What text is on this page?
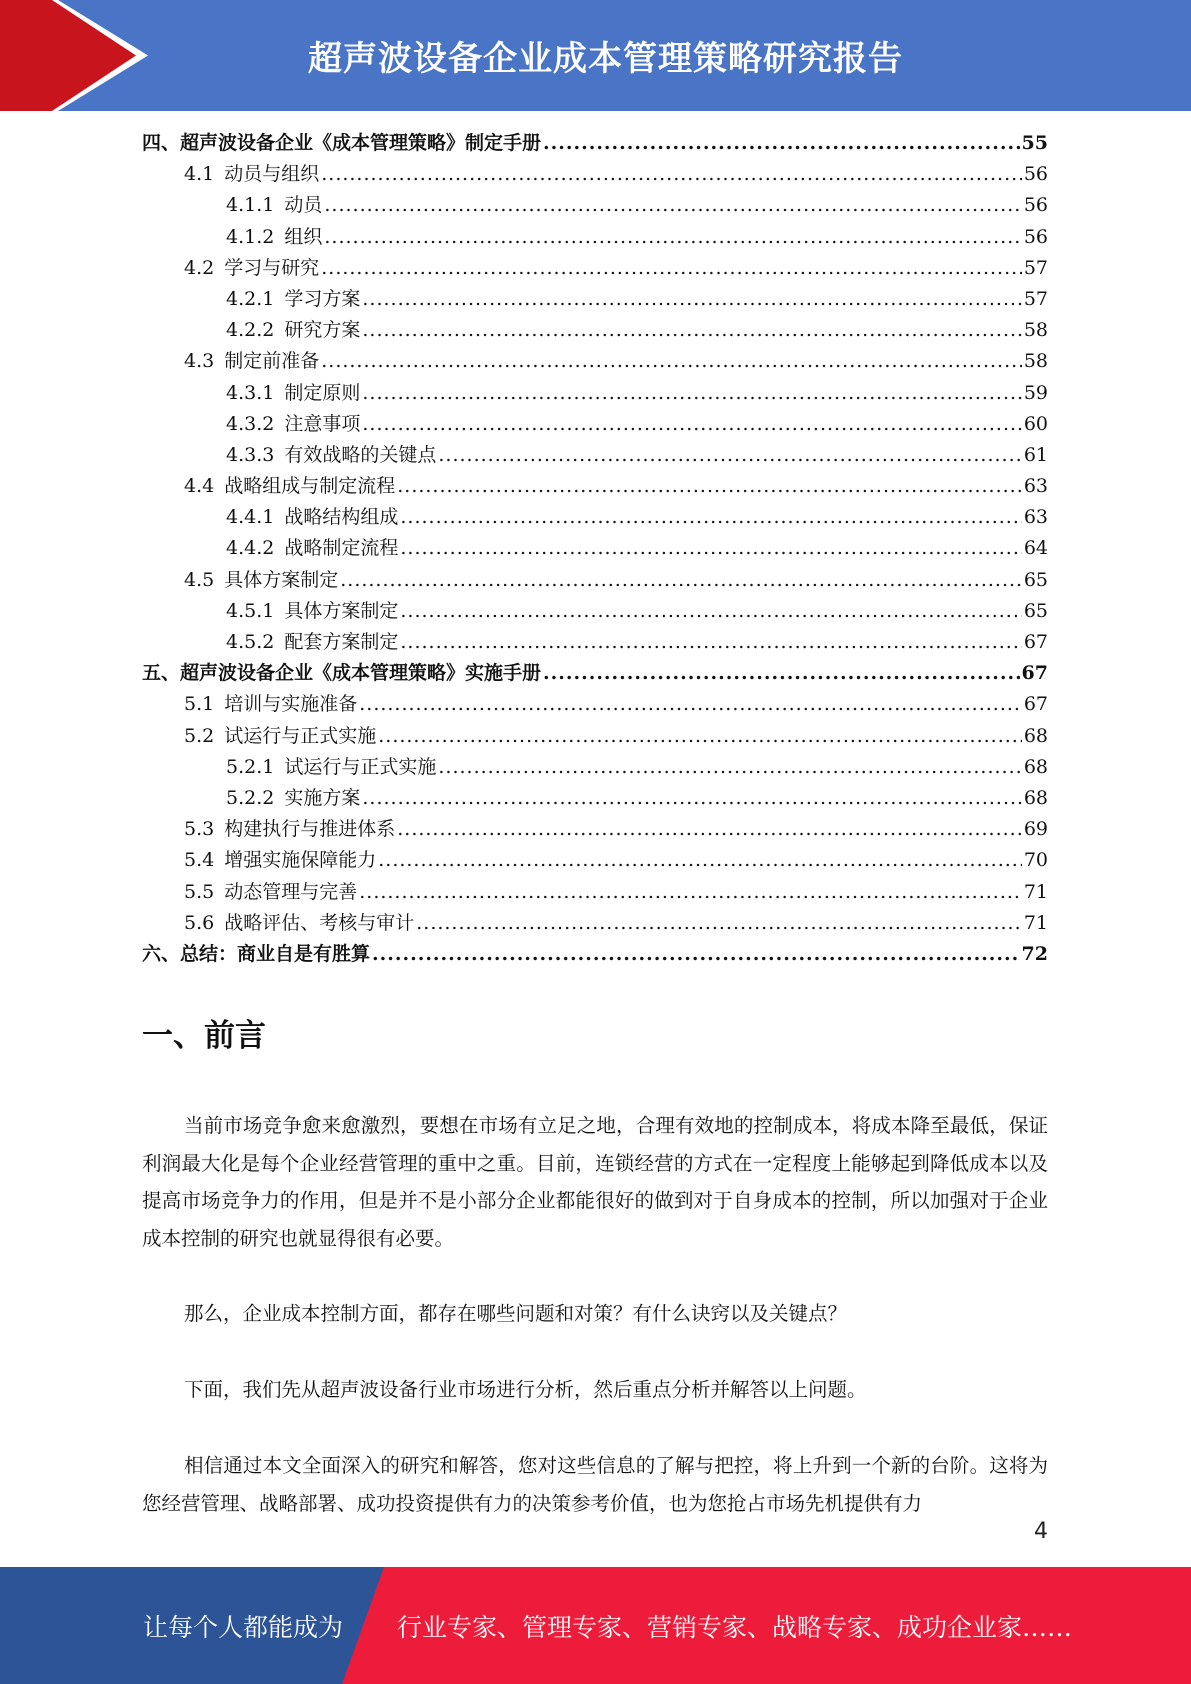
超声波设备企业成本管理策略研究报告
四、超声波设备企业《成本管理策略》制定手册 .....	55
4.1 动员与组织 .....	56
4.1.1 动员 .....	56
4.1.2 组织 .....	56
4.2 学习与研究 .....	57
4.2.1 学习方案 .....	57
4.2.2 研究方案 .....	58
4.3 制定前准备 .....	58
4.3.1 制定原则 .....	59
4.3.2 注意事项 .....	60
4.3.3 有效战略的关键点 .....	61
4.4 战略组成与制定流程 .....	63
4.4.1 战略结构组成 .....	63
4.4.2 战略制定流程 .....	64
4.5 具体方案制定 .....	65
4.5.1 具体方案制定 .....	65
4.5.2 配套方案制定 .....	67
五、超声波设备企业《成本管理策略》实施手册 .....	67
5.1 培训与实施准备 .....	67
5.2 试运行与正式实施 .....	68
5.2.1 试运行与正式实施 .....	68
5.2.2 实施方案 .....	68
5.3 构建执行与推进体系 .....	69
5.4 增强实施保障能力 .....	70
5.5 动态管理与完善 .....	71
5.6 战略评估、考核与审计 .....	71
六、总结：商业自是有胜算 .....	72
一、前言

当前市场竞争愈来愈激烈，要想在市场有立足之地，合理有效地的控制成本，将成本降至最低，保证利润最大化是每个企业经营管理的重中之重。目前，连锁经营的方式在一定程度上能够起到降低成本以及提高市场竞争力的作用，但是并不是小部分企业都能很好的做到对于自身成本的控制，所以加强对于企业成本控制的研究也就显得很有必要。

那么，企业成本控制方面，都存在哪些问题和对策？有什么诀窍以及关键点？

下面，我们先从超声波设备行业市场进行分析，然后重点分析并解答以上问题。

相信通过本文全面深入的研究和解答，您对这些信息的了解与把控，将上升到一个新的台阶。这将为您经营管理、战略部署、成功投资提供有力的决策参考价值，也为您抢占市场先机提供有力

4
让每个人都能成为 行业专家、管理专家、营销专家、战略专家、成功企业家……
